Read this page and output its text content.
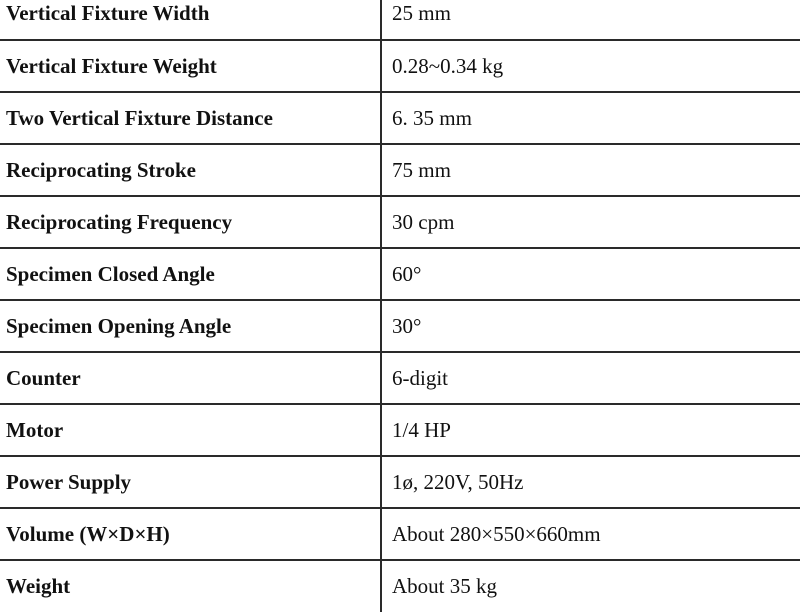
Vertical Fixture Width	25 mm
Vertical Fixture Weight	0.28~0.34 kg
Two Vertical Fixture Distance	6. 35 mm
Reciprocating Stroke	75 mm
Reciprocating Frequency	30 cpm
Specimen Closed Angle	60°
Specimen Opening Angle	30°
Counter	6-digit
Motor	1/4 HP
Power Supply	1ø, 220V, 50Hz
Volume (W×D×H)	About 280×550×660mm
Weight	About 35 kg
